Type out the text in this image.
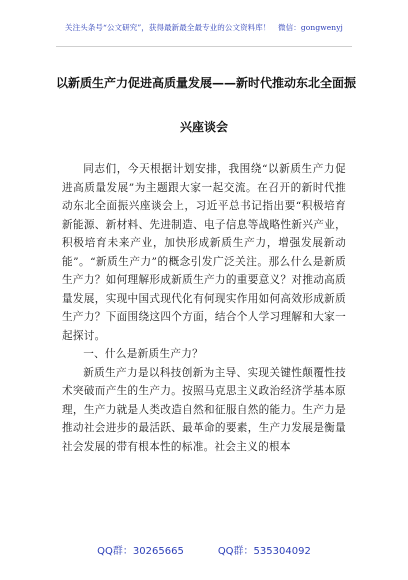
关注头条号“公文研究”，获得最新最全最专业的公文资料库！　微信：gongwenyj
以新质生产力促进高质量发展——新时代推动东北全面振
兴座谈会

同志们，今天根据计划安排，我围绕“以新质生产力促进高质量发展”为主题跟大家一起交流。在召开的新时代推动东北全面振兴座谈会上，习近平总书记指出要“积极培育新能源、新材料、先进制造、电子信息等战略性新兴产业，积极培育未来产业，加快形成新质生产力，增强发展新动能”。“新质生产力”的概念引发广泛关注。那么什么是新质生产力？如何理解形成新质生产力的重要意义？对推动高质量发展，实现中国式现代化有何现实作用如何高效形成新质生产力？下面围绕这四个方面，结合个人学习理解和大家一起探讨。

一、什么是新质生产力？

新质生产力是以科技创新为主导、实现关键性颠覆性技术突破而产生的生产力。按照马克思主义政治经济学基本原理，生产力就是人类改造自然和征服自然的能力。生产力是推动社会进步的最活跃、最革命的要素，生产力发展是衡量社会发展的带有根本性的标准。社会主义的根本

QQ群：30265665	QQ群：535304092
